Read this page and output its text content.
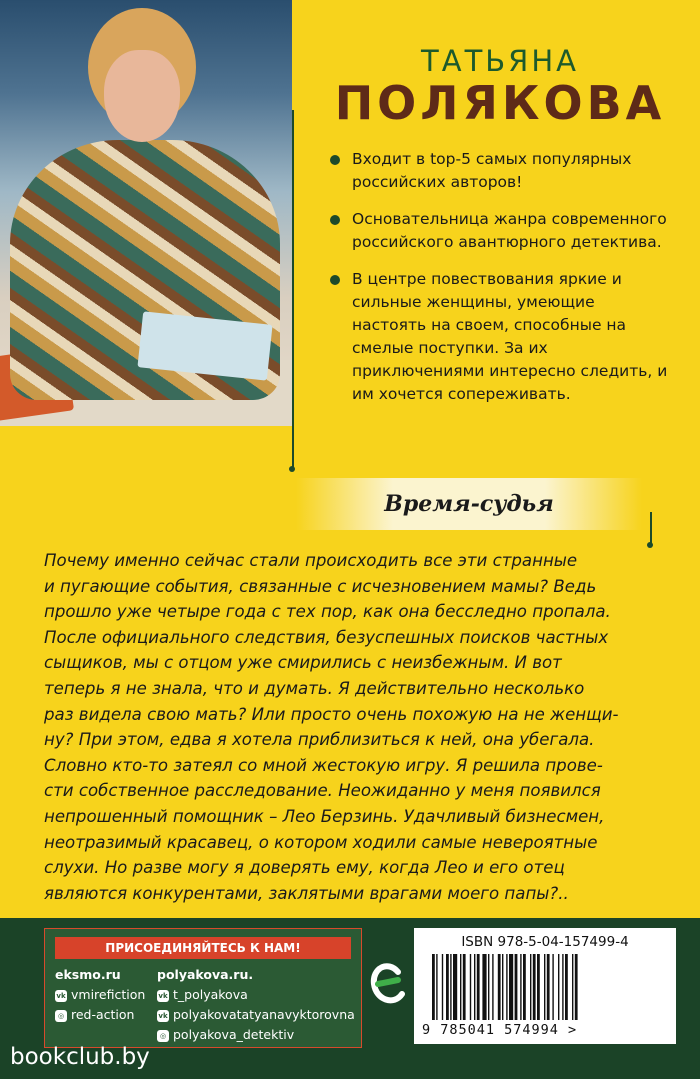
ТАТЬЯНА
ПОЛЯКОВА
Входит в top-5 самых популярных российских авторов!
Основательница жанра современного российского авантюрного детектива.
В центре повествования яркие и сильные женщины, умеющие настоять на своем, способные на смелые поступки. За их приключениями интересно следить, и им хочется сопереживать.
Время-судья
Почему именно сейчас стали происходить все эти странные
и пугающие события, связанные с исчезновением мамы? Ведь
прошло уже четыре года с тех пор, как она бесследно пропала.
После официального следствия, безуспешных поисков частных
сыщиков, мы с отцом уже смирились с неизбежным. И вот
теперь я не знала, что и думать. Я действительно несколько
раз видела свою мать? Или просто очень похожую на не женщи-
ну? При этом, едва я хотела приблизиться к ней, она убегала.
Словно кто-то затеял со мной жестокую игру. Я решила прове-
сти собственное расследование. Неожиданно у меня появился
непрошенный помощник – Лео Берзинь. Удачливый бизнесмен,
неотразимый красавец, о котором ходили самые невероятные
слухи. Но разве могу я доверять ему, когда Лео и его отец
являются конкурентами, заклятыми врагами моего папы?..
ПРИСОЕДИНЯЙТЕСЬ К НАМ!
eksmo.ru
vk vmirefiction
◎ red-action
polyakova.ru.
vk t_polyakova
vk polyakovatatyanavyktorovna
◎ polyakova_detektiv
ISBN 978-5-04-157499-4
9 785041 574994 >
bookclub.by
